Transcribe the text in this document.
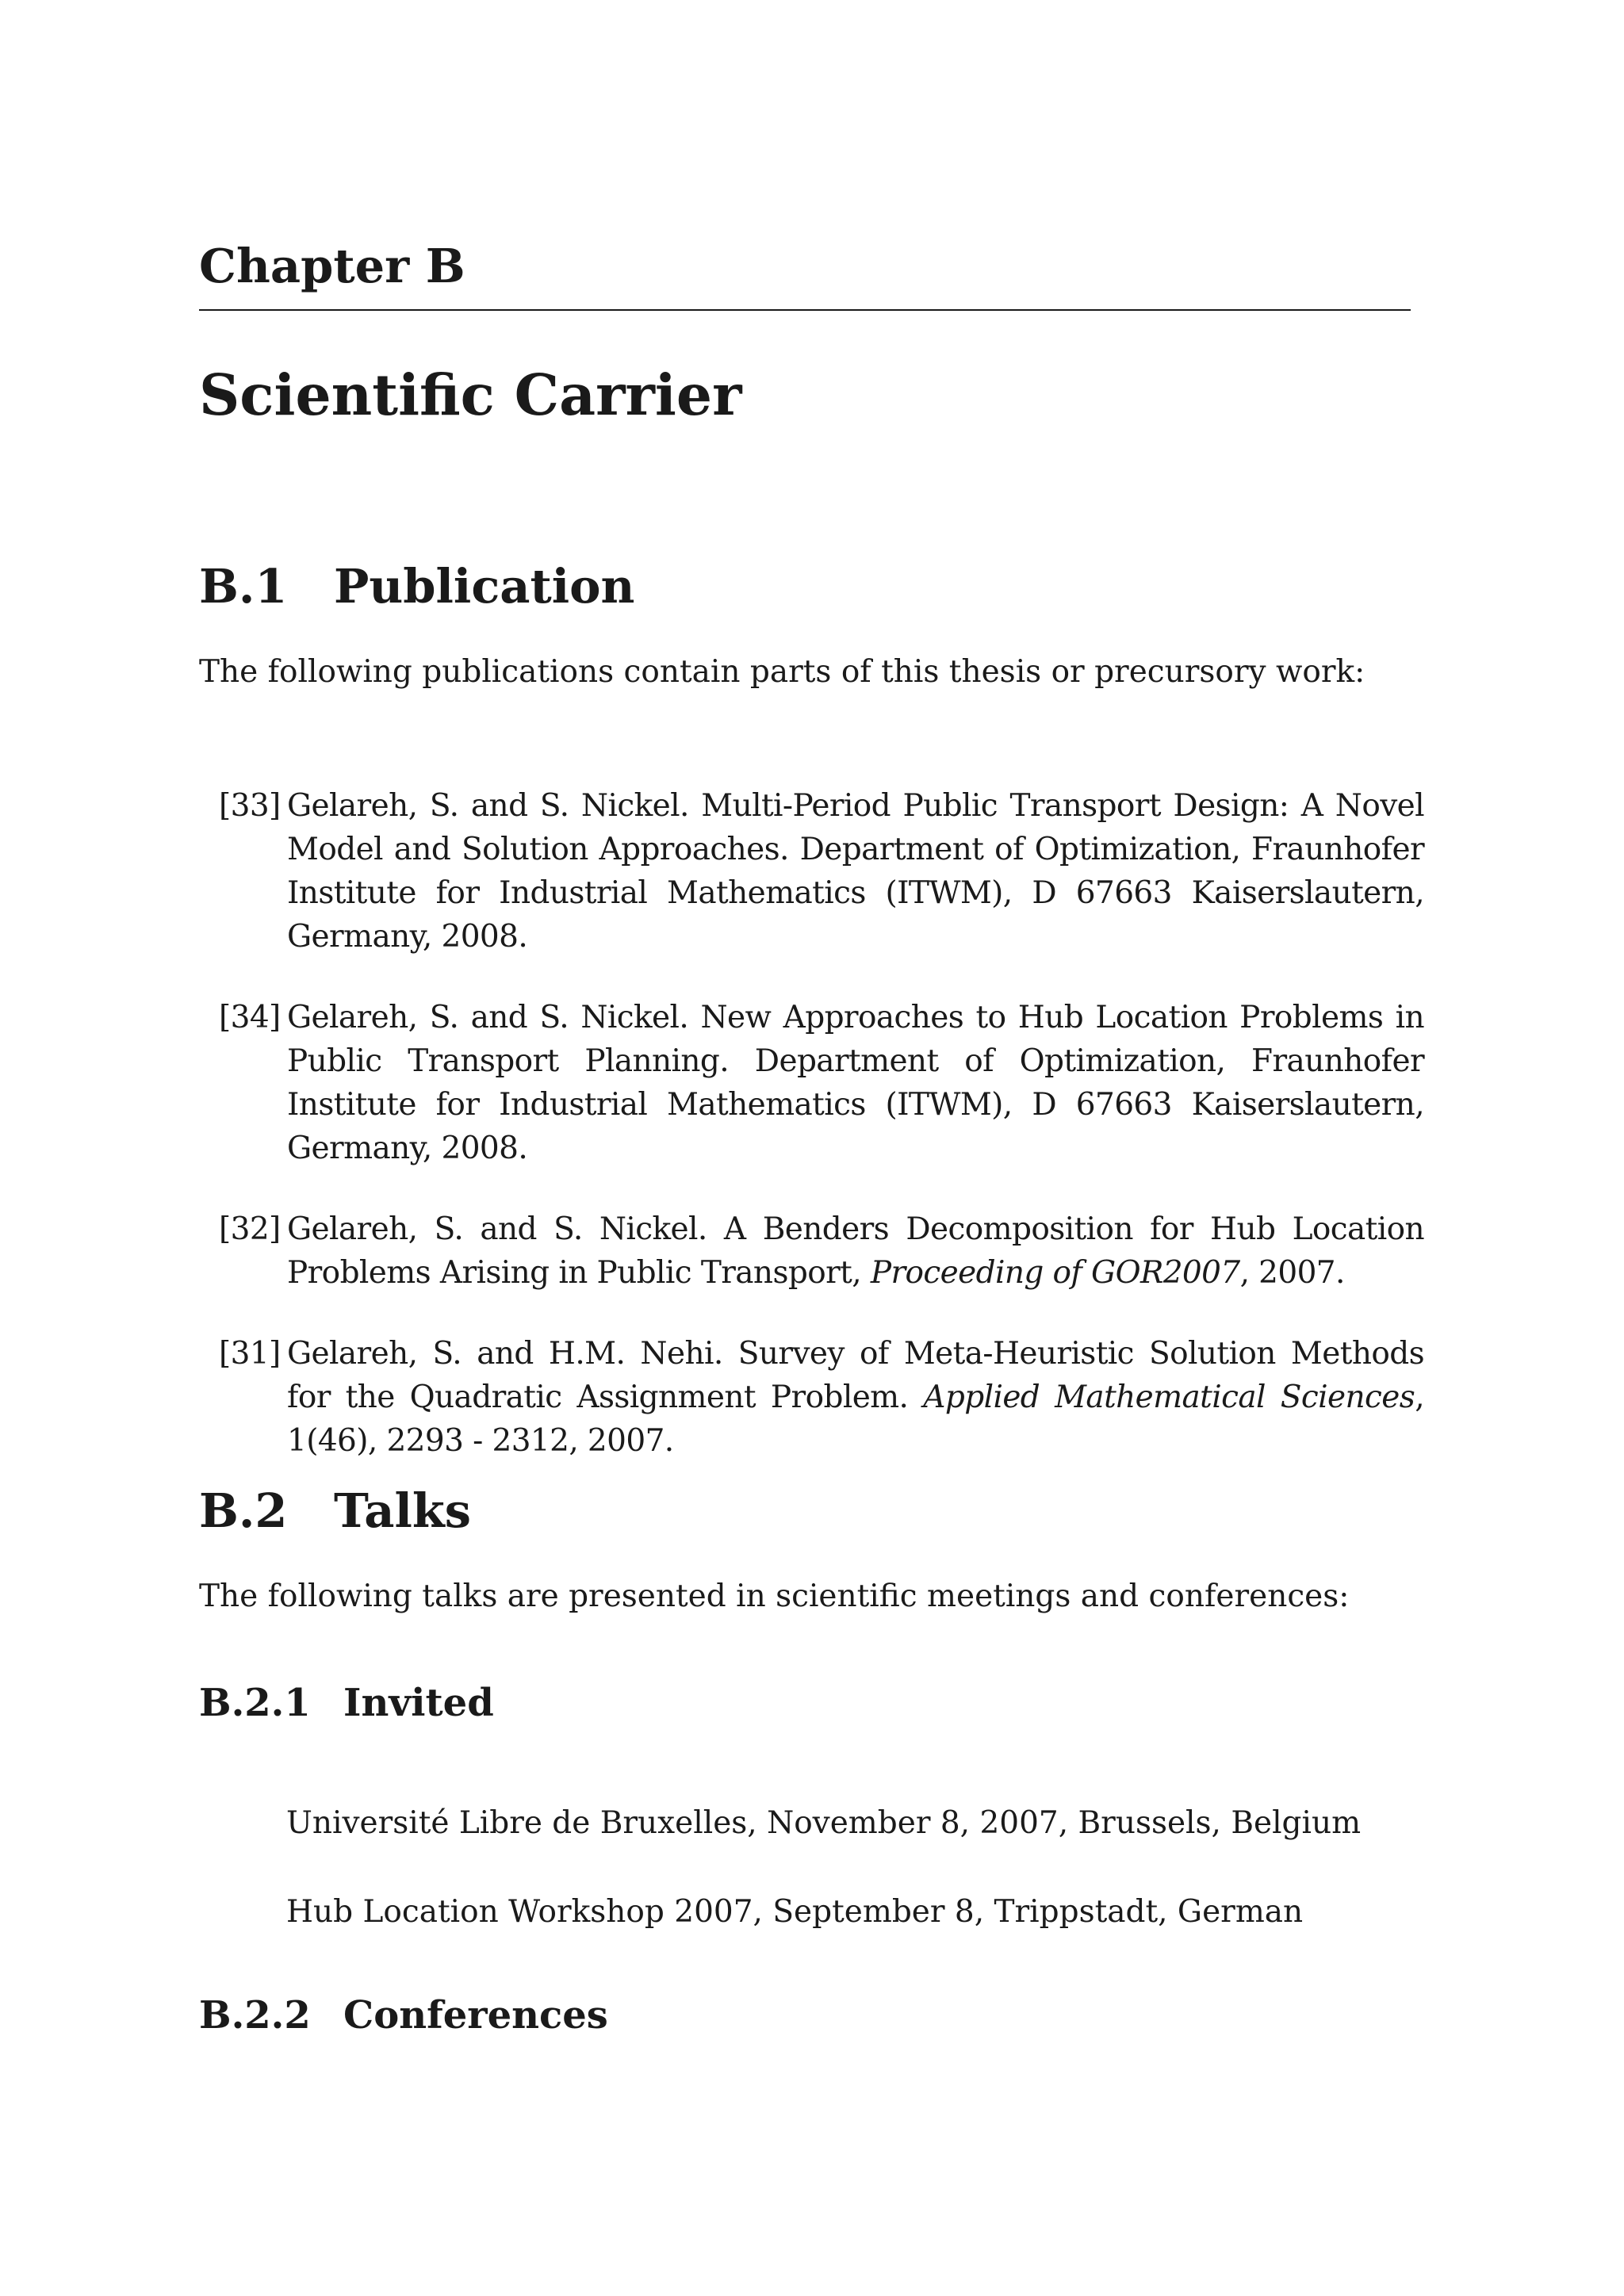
Chapter B
Scientific Carrier
B.1 Publication
The following publications contain parts of this thesis or precursory work:
[33] Gelareh, S. and S. Nickel. Multi-Period Public Transport Design: A Novel Model and Solution Approaches. Department of Optimization, Fraunhofer Institute for Industrial Mathematics (ITWM), D 67663 Kaiserslautern, Germany, 2008.
[34] Gelareh, S. and S. Nickel. New Approaches to Hub Location Problems in Public Transport Planning. Department of Optimization, Fraunhofer Institute for Industrial Mathematics (ITWM), D 67663 Kaiserslautern, Germany, 2008.
[32] Gelareh, S. and S. Nickel. A Benders Decomposition for Hub Location Problems Arising in Public Transport, Proceeding of GOR2007, 2007.
[31] Gelareh, S. and H.M. Nehi. Survey of Meta-Heuristic Solution Methods for the Quadratic Assignment Problem. Applied Mathematical Sciences, 1(46), 2293 - 2312, 2007.
B.2 Talks
The following talks are presented in scientific meetings and conferences:
B.2.1 Invited
Université Libre de Bruxelles, November 8, 2007, Brussels, Belgium
Hub Location Workshop 2007, September 8, Trippstadt, German
B.2.2 Conferences
